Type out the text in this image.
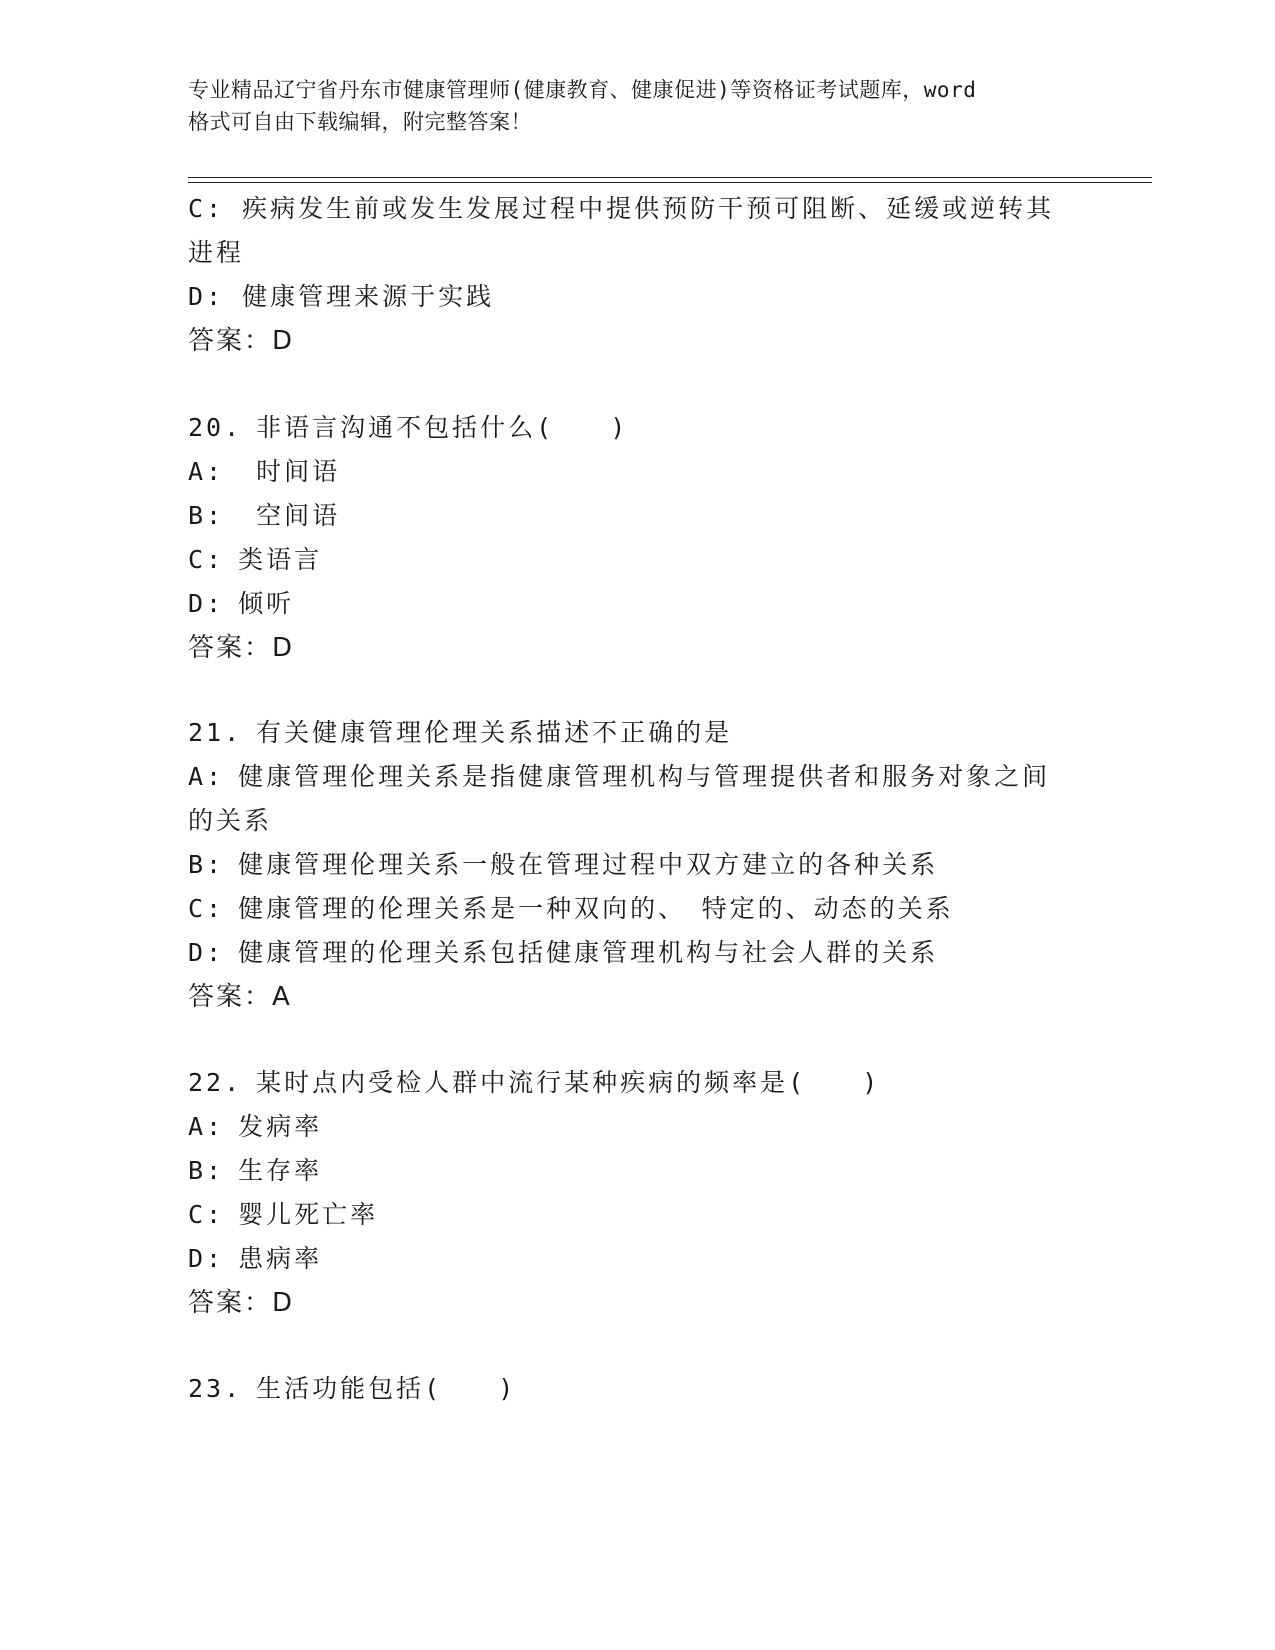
专业精品辽宁省丹东市健康管理师(健康教育、健康促进)等资格证考试题库，word
格式可自由下载编辑，附完整答案！
C: 疾病发生前或发生发展过程中提供预防干预可阻断、延缓或逆转其
进程
D: 健康管理来源于实践
答案：D
20. 非语言沟通不包括什么(　　)
A: 时间语
B: 空间语
C: 类语言
D: 倾听
答案：D
21. 有关健康管理伦理关系描述不正确的是
A: 健康管理伦理关系是指健康管理机构与管理提供者和服务对象之间
的关系
B: 健康管理伦理关系一般在管理过程中双方建立的各种关系
C: 健康管理的伦理关系是一种双向的、　特定的、动态的关系
D: 健康管理的伦理关系包括健康管理机构与社会人群的关系
答案：A
22. 某时点内受检人群中流行某种疾病的频率是(　　)
A: 发病率
B: 生存率
C: 婴儿死亡率
D: 患病率
答案：D
23. 生活功能包括(　　)
